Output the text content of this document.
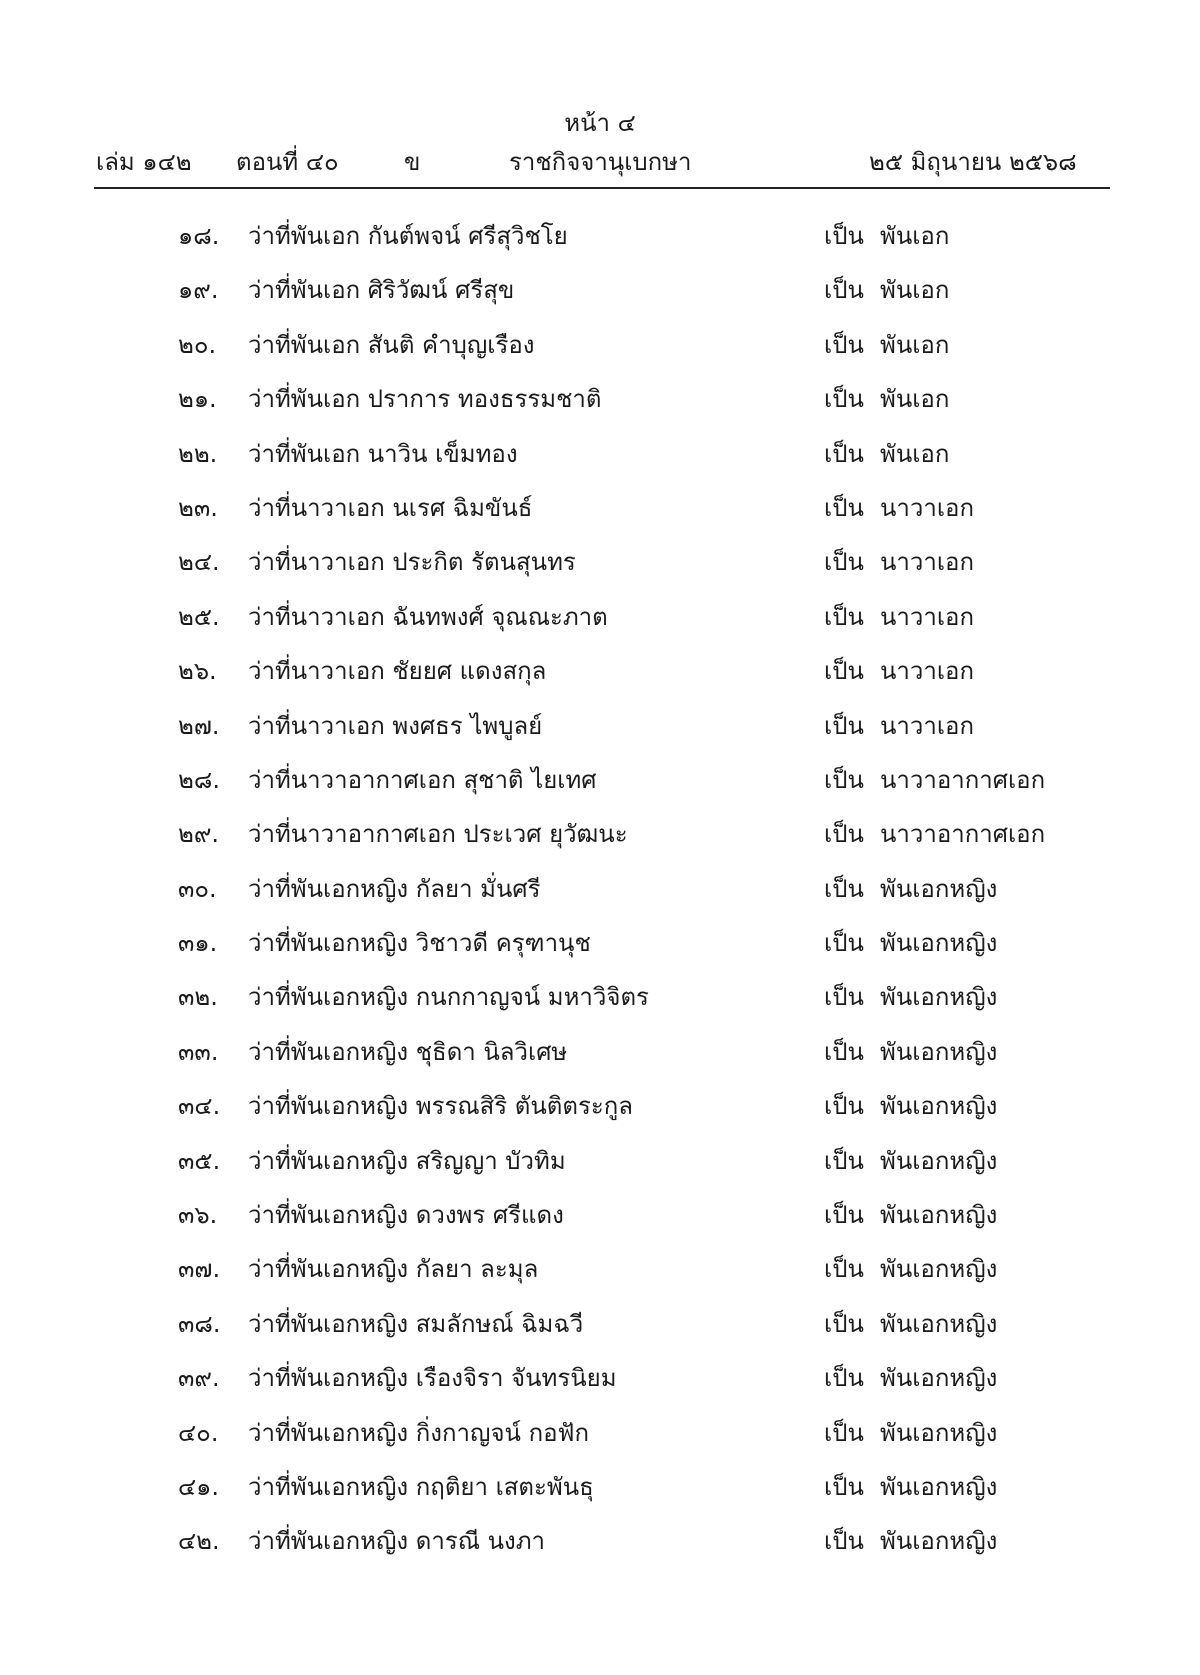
หน้า ๔
เล่ม ๑๔๒ ตอนที่ ๔๐	ข	ราชกิจจานุเบกษา	๒๕ มิถุนายน ๒๕๖๘
๑๘. ว่าที่พันเอก กันต์พจน์ ศรีสุวิชโย	เป็น พันเอก
๑๙. ว่าที่พันเอก ศิริวัฒน์ ศรีสุข	เป็น พันเอก
๒๐. ว่าที่พันเอก สันติ คำบุญเรือง	เป็น พันเอก
๒๑. ว่าที่พันเอก ปราการ ทองธรรมชาติ	เป็น พันเอก
๒๒. ว่าที่พันเอก นาวิน เข็มทอง	เป็น พันเอก
๒๓. ว่าที่นาวาเอก นเรศ ฉิมขันธ์	เป็น นาวาเอก
๒๔. ว่าที่นาวาเอก ประกิต รัตนสุนทร	เป็น นาวาเอก
๒๕. ว่าที่นาวาเอก ฉันทพงศ์ จุณณะภาต	เป็น นาวาเอก
๒๖. ว่าที่นาวาเอก ชัยยศ แดงสกุล	เป็น นาวาเอก
๒๗. ว่าที่นาวาเอก พงศธร ไพบูลย์	เป็น นาวาเอก
๒๘. ว่าที่นาวาอากาศเอก สุชาติ ไยเทศ	เป็น นาวาอากาศเอก
๒๙. ว่าที่นาวาอากาศเอก ประเวศ ยุวัฒนะ	เป็น นาวาอากาศเอก
๓๐. ว่าที่พันเอกหญิง กัลยา มั่นศรี	เป็น พันเอกหญิง
๓๑. ว่าที่พันเอกหญิง วิชาวดี ครุฑานุช	เป็น พันเอกหญิง
๓๒. ว่าที่พันเอกหญิง กนกกาญจน์ มหาวิจิตร	เป็น พันเอกหญิง
๓๓. ว่าที่พันเอกหญิง ชุธิดา นิลวิเศษ	เป็น พันเอกหญิง
๓๔. ว่าที่พันเอกหญิง พรรณสิริ ตันติตระกูล	เป็น พันเอกหญิง
๓๕. ว่าที่พันเอกหญิง สริญญา บัวทิม	เป็น พันเอกหญิง
๓๖. ว่าที่พันเอกหญิง ดวงพร ศรีแดง	เป็น พันเอกหญิง
๓๗. ว่าที่พันเอกหญิง กัลยา ละมุล	เป็น พันเอกหญิง
๓๘. ว่าที่พันเอกหญิง สมลักษณ์ ฉิมฉวี	เป็น พันเอกหญิง
๓๙. ว่าที่พันเอกหญิง เรืองจิรา จันทรนิยม	เป็น พันเอกหญิง
๔๐. ว่าที่พันเอกหญิง กิ่งกาญจน์ กอฟัก	เป็น พันเอกหญิง
๔๑. ว่าที่พันเอกหญิง กฤติยา เสตะพันธุ	เป็น พันเอกหญิง
๔๒. ว่าที่พันเอกหญิง ดารณี นงภา	เป็น พันเอกหญิง
